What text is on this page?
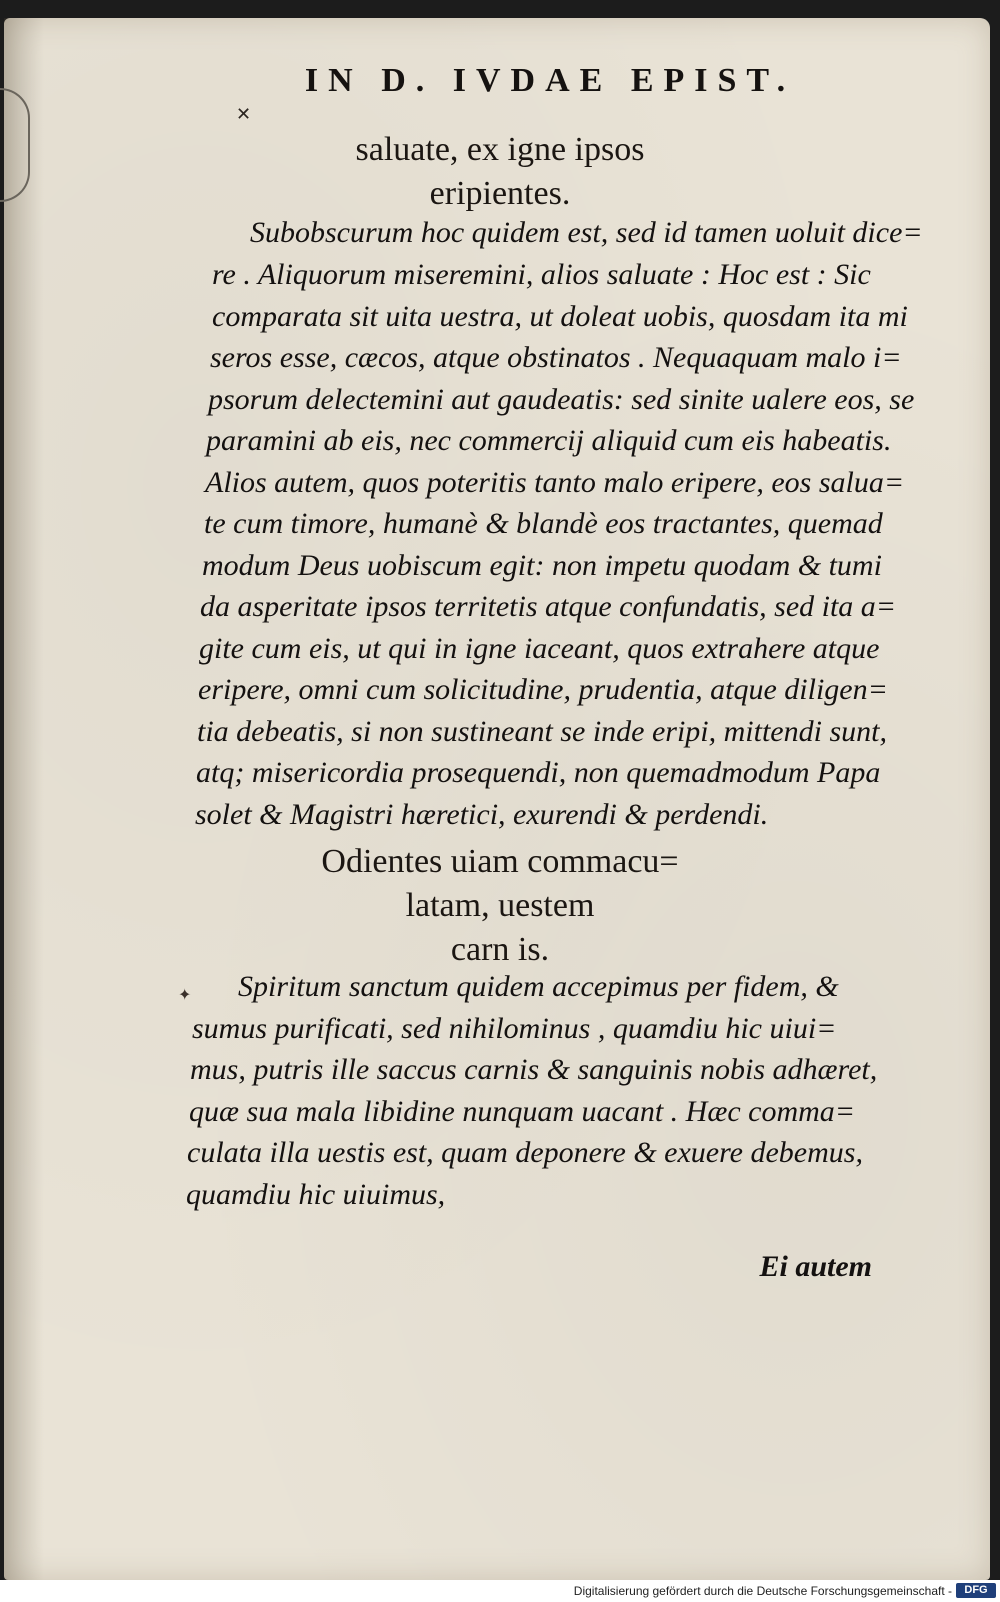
IN D. IVDAE EPIST.
✕
saluate, ex igne ipsos
eripientes.
Subobscurum hoc quidem est, sed id tamen uoluit dice=
re . Aliquorum miseremini, alios saluate : Hoc est : Sic
comparata sit uita uestra, ut doleat uobis, quosdam ita mi
seros esse, cæcos, atque obstinatos . Nequaquam malo i=
psorum delectemini aut gaudeatis: sed sinite ualere eos, se
paramini ab eis, nec commercij aliquid cum eis habeatis.
Alios autem, quos poteritis tanto malo eripere, eos salua=
te cum timore, humanè & blandè eos tractantes, quemad
modum Deus uobiscum egit: non impetu quodam & tumi
da asperitate ipsos territetis atque confundatis, sed ita a=
gite cum eis, ut qui in igne iaceant, quos extrahere atque
eripere, omni cum solicitudine, prudentia, atque diligen=
tia debeatis, si non sustineant se inde eripi, mittendi sunt,
atq; misericordia prosequendi, non quemadmodum Papa
solet & Magistri hæretici, exurendi & perdendi.
Odientes uiam commacu=
latam, uestem
carn is.
✦ Spiritum sanctum quidem accepimus per fidem, &
sumus purificati, sed nihilominus , quamdiu hic uiui=
mus, putris ille saccus carnis & sanguinis nobis adhæret,
quæ sua mala libidine nunquam uacant . Hæc comma=
culata illa uestis est, quam deponere & exuere debemus,
quamdiu hic uiuimus,
Ei autem
Digitalisierung gefördert durch die Deutsche Forschungsgemeinschaft -	DFG
